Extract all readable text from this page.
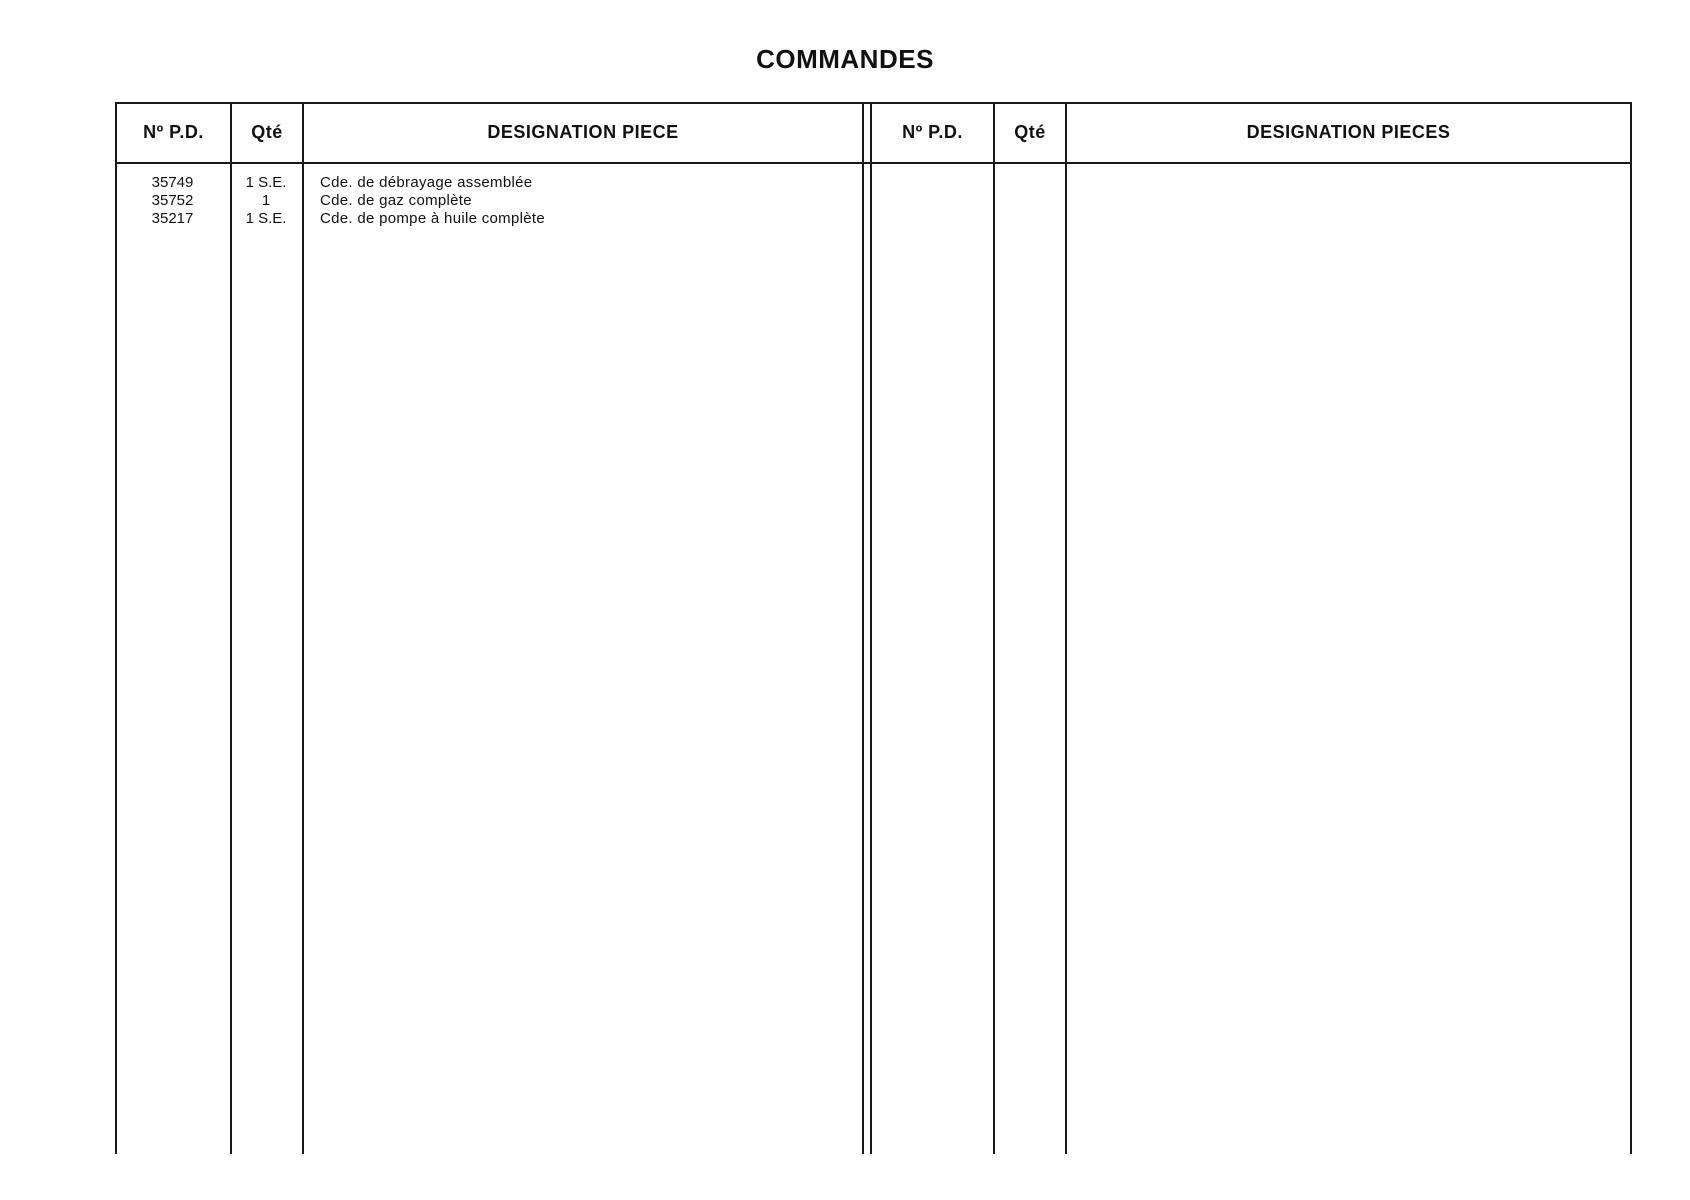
COMMANDES
Nº P.D.	Qté	DESIGNATION PIECE	Nº P.D.	Qté	DESIGNATION PIECES
35749	1 S.E.	Cde. de débrayage assemblée
35752	1	Cde. de gaz complète
35217	1 S.E.	Cde. de pompe à huile complète
